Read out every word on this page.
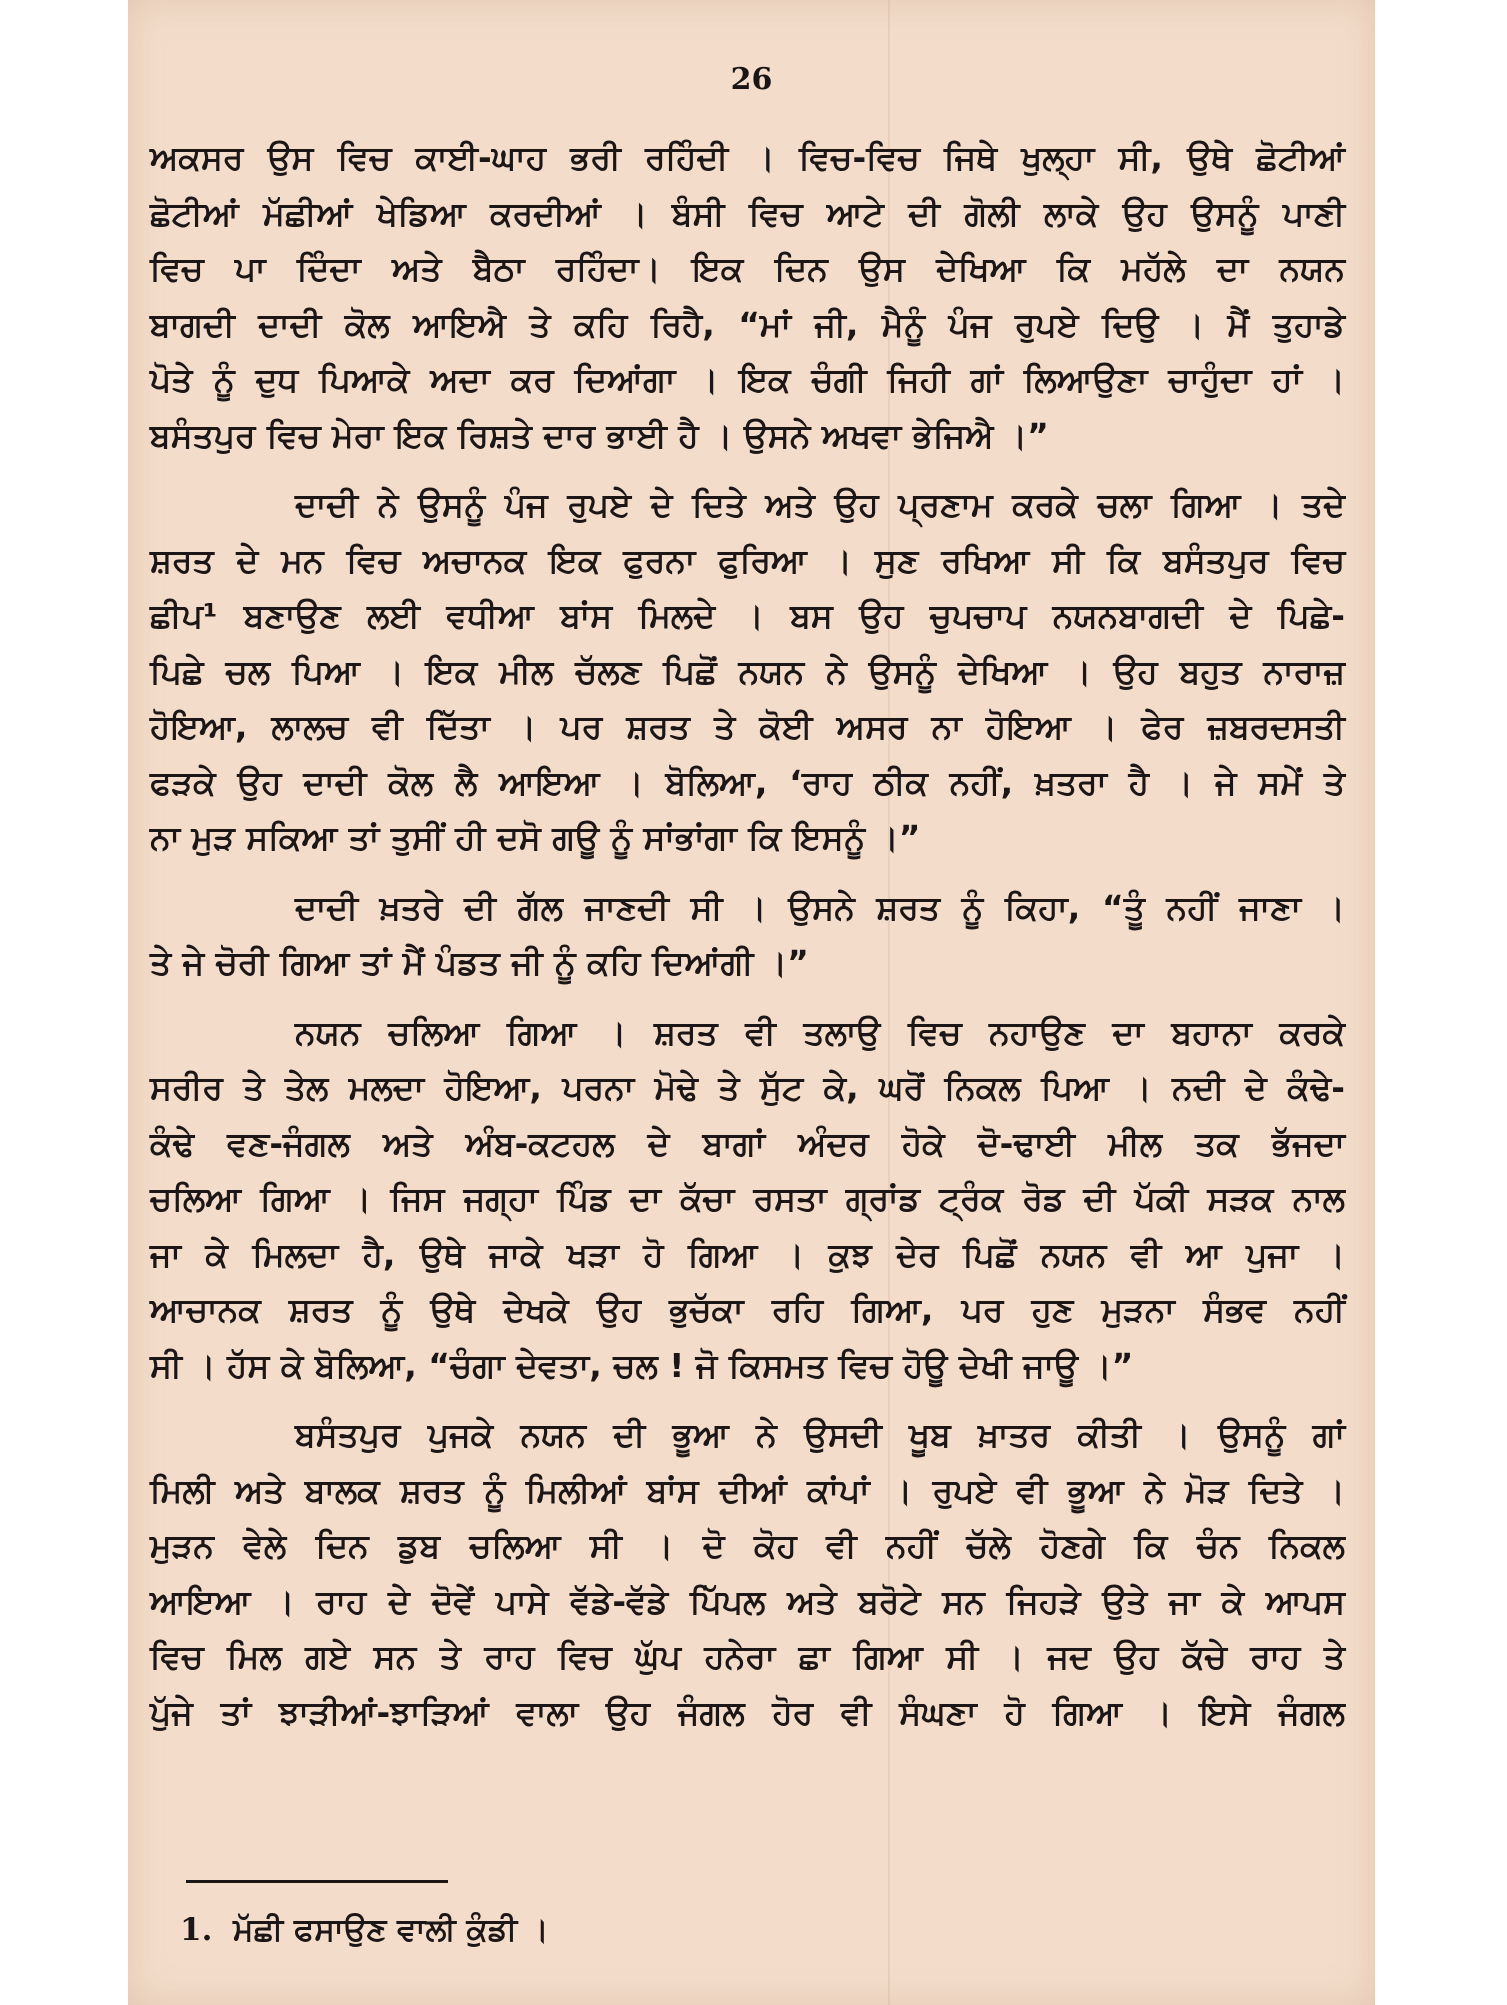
26
ਅਕਸਰ ਉਸ ਵਿਚ ਕਾਈ-ਘਾਹ ਭਰੀ ਰਹਿੰਦੀ । ਵਿਚ-ਵਿਚ ਜਿਥੇ ਖੁਲ੍ਹਾ ਸੀ, ਉਥੇ ਛੋਟੀਆਂ
ਛੋਟੀਆਂ ਮੱਛੀਆਂ ਖੇਡਿਆ ਕਰਦੀਆਂ । ਬੰਸੀ ਵਿਚ ਆਟੇ ਦੀ ਗੋਲੀ ਲਾਕੇ ਉਹ ਉਸਨੂੰ ਪਾਣੀ
ਵਿਚ ਪਾ ਦਿੰਦਾ ਅਤੇ ਬੈਠਾ ਰਹਿੰਦਾ। ਇਕ ਦਿਨ ਉਸ ਦੇਖਿਆ ਕਿ ਮਹੱਲੇ ਦਾ ਨਯਨ
ਬਾਗਦੀ ਦਾਦੀ ਕੋਲ ਆਇਐ ਤੇ ਕਹਿ ਰਿਹੈ, “ਮਾਂ ਜੀ, ਮੈਨੂੰ ਪੰਜ ਰੁਪਏ ਦਿਉ । ਮੈਂ ਤੁਹਾਡੇ
ਪੋਤੇ ਨੂੰ ਦੁਧ ਪਿਆਕੇ ਅਦਾ ਕਰ ਦਿਆਂਗਾ । ਇਕ ਚੰਗੀ ਜਿਹੀ ਗਾਂ ਲਿਆਉਣਾ ਚਾਹੁੰਦਾ ਹਾਂ ।
ਬਸੰਤਪੁਰ ਵਿਚ ਮੇਰਾ ਇਕ ਰਿਸ਼ਤੇ ਦਾਰ ਭਾਈ ਹੈ । ਉਸਨੇ ਅਖਵਾ ਭੇਜਿਐ ।”
ਦਾਦੀ ਨੇ ਉਸਨੂੰ ਪੰਜ ਰੁਪਏ ਦੇ ਦਿਤੇ ਅਤੇ ਉਹ ਪ੍ਰਣਾਮ ਕਰਕੇ ਚਲਾ ਗਿਆ । ਤਦੇ
ਸ਼ਰਤ ਦੇ ਮਨ ਵਿਚ ਅਚਾਨਕ ਇਕ ਫੁਰਨਾ ਫੁਰਿਆ । ਸੁਣ ਰਖਿਆ ਸੀ ਕਿ ਬਸੰਤਪੁਰ ਵਿਚ
ਛੀਪ¹ ਬਣਾਉਣ ਲਈ ਵਧੀਆ ਬਾਂਸ ਮਿਲਦੇ । ਬਸ ਉਹ ਚੁਪਚਾਪ ਨਯਨਬਾਗਦੀ ਦੇ ਪਿਛੇ-
ਪਿਛੇ ਚਲ ਪਿਆ । ਇਕ ਮੀਲ ਚੱਲਣ ਪਿਛੋਂ ਨਯਨ ਨੇ ਉਸਨੂੰ ਦੇਖਿਆ । ਉਹ ਬਹੁਤ ਨਾਰਾਜ਼
ਹੋਇਆ, ਲਾਲਚ ਵੀ ਦਿੱਤਾ । ਪਰ ਸ਼ਰਤ ਤੇ ਕੋਈ ਅਸਰ ਨਾ ਹੋਇਆ । ਫੇਰ ਜ਼ਬਰਦਸਤੀ
ਫੜਕੇ ਉਹ ਦਾਦੀ ਕੋਲ ਲੈ ਆਇਆ । ਬੋਲਿਆ, ‘ਰਾਹ ਠੀਕ ਨਹੀਂ, ਖ਼ਤਰਾ ਹੈ । ਜੇ ਸਮੇਂ ਤੇ
ਨਾ ਮੁੜ ਸਕਿਆ ਤਾਂ ਤੁਸੀਂ ਹੀ ਦਸੋ ਗਊ ਨੂੰ ਸਾਂਭਾਂਗਾ ਕਿ ਇਸਨੂੰ ।”
ਦਾਦੀ ਖ਼ਤਰੇ ਦੀ ਗੱਲ ਜਾਣਦੀ ਸੀ । ਉਸਨੇ ਸ਼ਰਤ ਨੂੰ ਕਿਹਾ, “ਤੂੰ ਨਹੀਂ ਜਾਣਾ ।
ਤੇ ਜੇ ਚੋਰੀ ਗਿਆ ਤਾਂ ਮੈਂ ਪੰਡਤ ਜੀ ਨੂੰ ਕਹਿ ਦਿਆਂਗੀ ।”
ਨਯਨ ਚਲਿਆ ਗਿਆ । ਸ਼ਰਤ ਵੀ ਤਲਾਉ ਵਿਚ ਨਹਾਉਣ ਦਾ ਬਹਾਨਾ ਕਰਕੇ
ਸਰੀਰ ਤੇ ਤੇਲ ਮਲਦਾ ਹੋਇਆ, ਪਰਨਾ ਮੋਢੇ ਤੇ ਸੁੱਟ ਕੇ, ਘਰੋਂ ਨਿਕਲ ਪਿਆ । ਨਦੀ ਦੇ ਕੰਢੇ-
ਕੰਢੇ ਵਣ-ਜੰਗਲ ਅਤੇ ਅੰਬ-ਕਟਹਲ ਦੇ ਬਾਗਾਂ ਅੰਦਰ ਹੋਕੇ ਦੋ-ਢਾਈ ਮੀਲ ਤਕ ਭੱਜਦਾ
ਚਲਿਆ ਗਿਆ । ਜਿਸ ਜਗ੍ਹਾ ਪਿੰਡ ਦਾ ਕੱਚਾ ਰਸਤਾ ਗ੍ਰਾਂਡ ਟ੍ਰੰਕ ਰੋਡ ਦੀ ਪੱਕੀ ਸੜਕ ਨਾਲ
ਜਾ ਕੇ ਮਿਲਦਾ ਹੈ, ਉਥੇ ਜਾਕੇ ਖੜਾ ਹੋ ਗਿਆ । ਕੁਝ ਦੇਰ ਪਿਛੋਂ ਨਯਨ ਵੀ ਆ ਪੁਜਾ ।
ਆਚਾਨਕ ਸ਼ਰਤ ਨੂੰ ਉਥੇ ਦੇਖਕੇ ਉਹ ਭੁਚੱਕਾ ਰਹਿ ਗਿਆ, ਪਰ ਹੁਣ ਮੁੜਨਾ ਸੰਭਵ ਨਹੀਂ
ਸੀ । ਹੱਸ ਕੇ ਬੋਲਿਆ, “ਚੰਗਾ ਦੇਵਤਾ, ਚਲ ! ਜੋ ਕਿਸਮਤ ਵਿਚ ਹੋਊ ਦੇਖੀ ਜਾਊ ।”
ਬਸੰਤਪੁਰ ਪੁਜਕੇ ਨਯਨ ਦੀ ਭੂਆ ਨੇ ਉਸਦੀ ਖੂਬ ਖ਼ਾਤਰ ਕੀਤੀ । ਉਸਨੂੰ ਗਾਂ
ਮਿਲੀ ਅਤੇ ਬਾਲਕ ਸ਼ਰਤ ਨੂੰ ਮਿਲੀਆਂ ਬਾਂਸ ਦੀਆਂ ਕਾਂਪਾਂ । ਰੁਪਏ ਵੀ ਭੂਆ ਨੇ ਮੋੜ ਦਿਤੇ ।
ਮੁੜਨ ਵੇਲੇ ਦਿਨ ਡੁਬ ਚਲਿਆ ਸੀ । ਦੋ ਕੋਹ ਵੀ ਨਹੀਂ ਚੱਲੇ ਹੋਣਗੇ ਕਿ ਚੰਨ ਨਿਕਲ
ਆਇਆ । ਰਾਹ ਦੇ ਦੋਵੇਂ ਪਾਸੇ ਵੱਡੇ-ਵੱਡੇ ਪਿੱਪਲ ਅਤੇ ਬਰੋਟੇ ਸਨ ਜਿਹੜੇ ਉਤੇ ਜਾ ਕੇ ਆਪਸ
ਵਿਚ ਮਿਲ ਗਏ ਸਨ ਤੇ ਰਾਹ ਵਿਚ ਘੁੱਪ ਹਨੇਰਾ ਛਾ ਗਿਆ ਸੀ । ਜਦ ਉਹ ਕੱਚੇ ਰਾਹ ਤੇ
ਪੁੱਜੇ ਤਾਂ ਝਾੜੀਆਂ-ਝਾੜਿਆਂ ਵਾਲਾ ਉਹ ਜੰਗਲ ਹੋਰ ਵੀ ਸੰਘਣਾ ਹੋ ਗਿਆ । ਇਸੇ ਜੰਗਲ
1. ਮੱਛੀ ਫਸਾਉਣ ਵਾਲੀ ਕੁੰਡੀ ।
